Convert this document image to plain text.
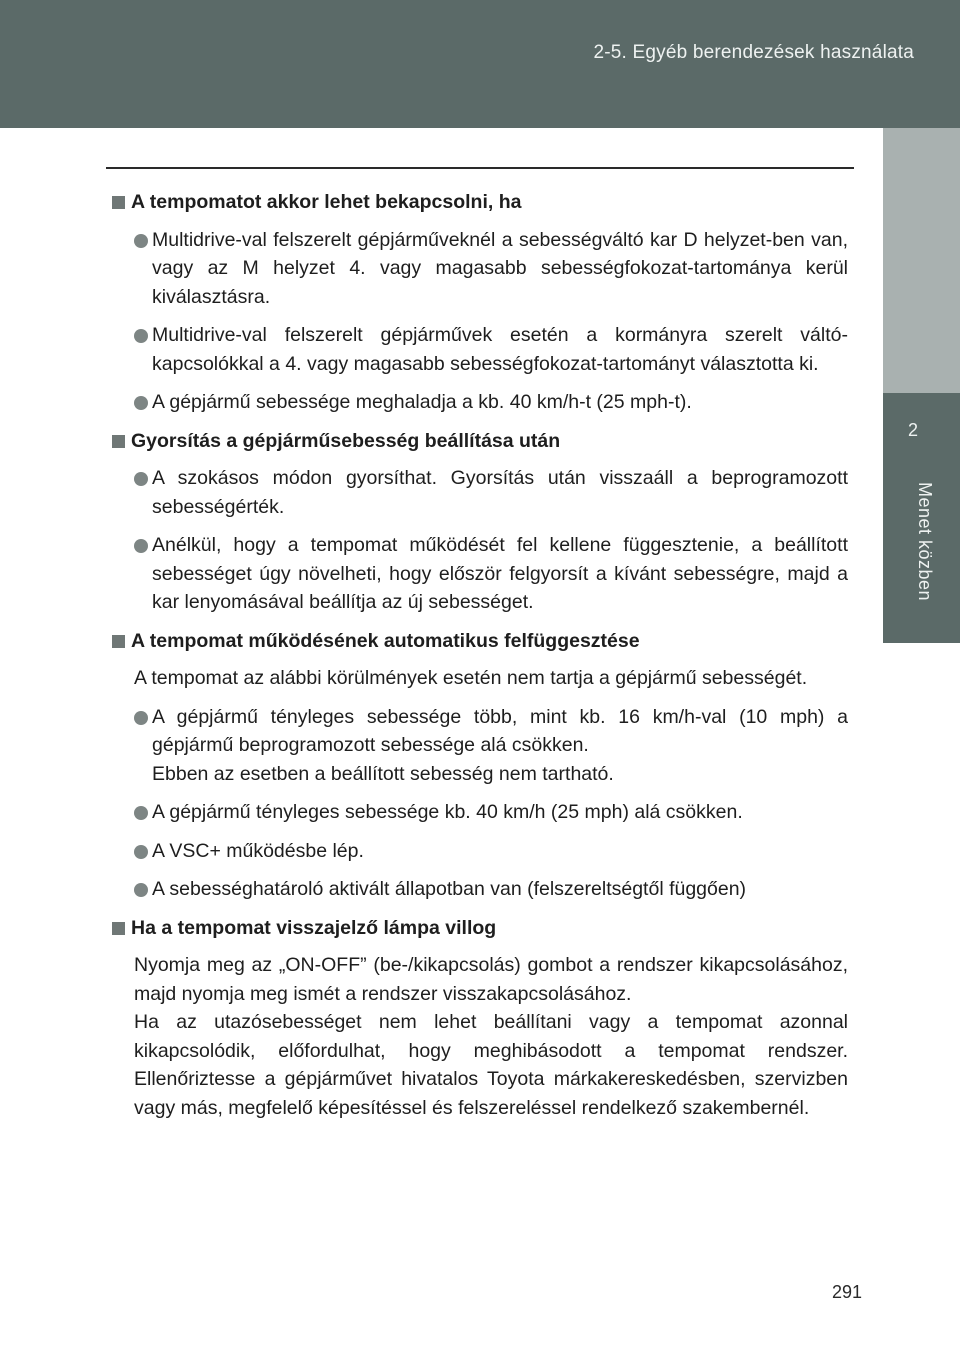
2-5. Egyéb berendezések használata
2
Menet közben
A tempomatot akkor lehet bekapcsolni, ha
Multidrive-val felszerelt gépjárműveknél a sebességváltó kar D helyzet-ben van, vagy az M helyzet 4. vagy magasabb sebességfokozat-tartománya kerül kiválasztásra.
Multidrive-val felszerelt gépjárművek esetén a kormányra szerelt váltó-kapcsolókkal a 4. vagy magasabb sebességfokozat-tartományt választotta ki.
A gépjármű sebessége meghaladja a kb. 40 km/h-t (25 mph-t).
Gyorsítás a gépjárműsebesség beállítása után
A szokásos módon gyorsíthat. Gyorsítás után visszaáll a beprogramozott sebességérték.
Anélkül, hogy a tempomat működését fel kellene függesztenie, a beállított sebességet úgy növelheti, hogy először felgyorsít a kívánt sebességre, majd a kar lenyomásával beállítja az új sebességet.
A tempomat működésének automatikus felfüggesztése
A tempomat az alábbi körülmények esetén nem tartja a gépjármű sebességét.
A gépjármű tényleges sebessége több, mint kb. 16 km/h-val (10 mph) a gépjármű beprogramozott sebessége alá csökken.
Ebben az esetben a beállított sebesség nem tartható.
A gépjármű tényleges sebessége kb. 40 km/h (25 mph) alá csökken.
A VSC+ működésbe lép.
A sebességhatároló aktivált állapotban van (felszereltségtől függően)
Ha a tempomat visszajelző lámpa villog
Nyomja meg az „ON-OFF” (be-/kikapcsolás) gombot a rendszer kikapcsolásához, majd nyomja meg ismét a rendszer visszakapcsolásához.
Ha az utazósebességet nem lehet beállítani vagy a tempomat azonnal kikapcsolódik, előfordulhat, hogy meghibásodott a tempomat rendszer. Ellenőriztesse a gépjárművet hivatalos Toyota márkakereskedésben, szervizben vagy más, megfelelő képesítéssel és felszereléssel rendelkező szakembernél.
291
